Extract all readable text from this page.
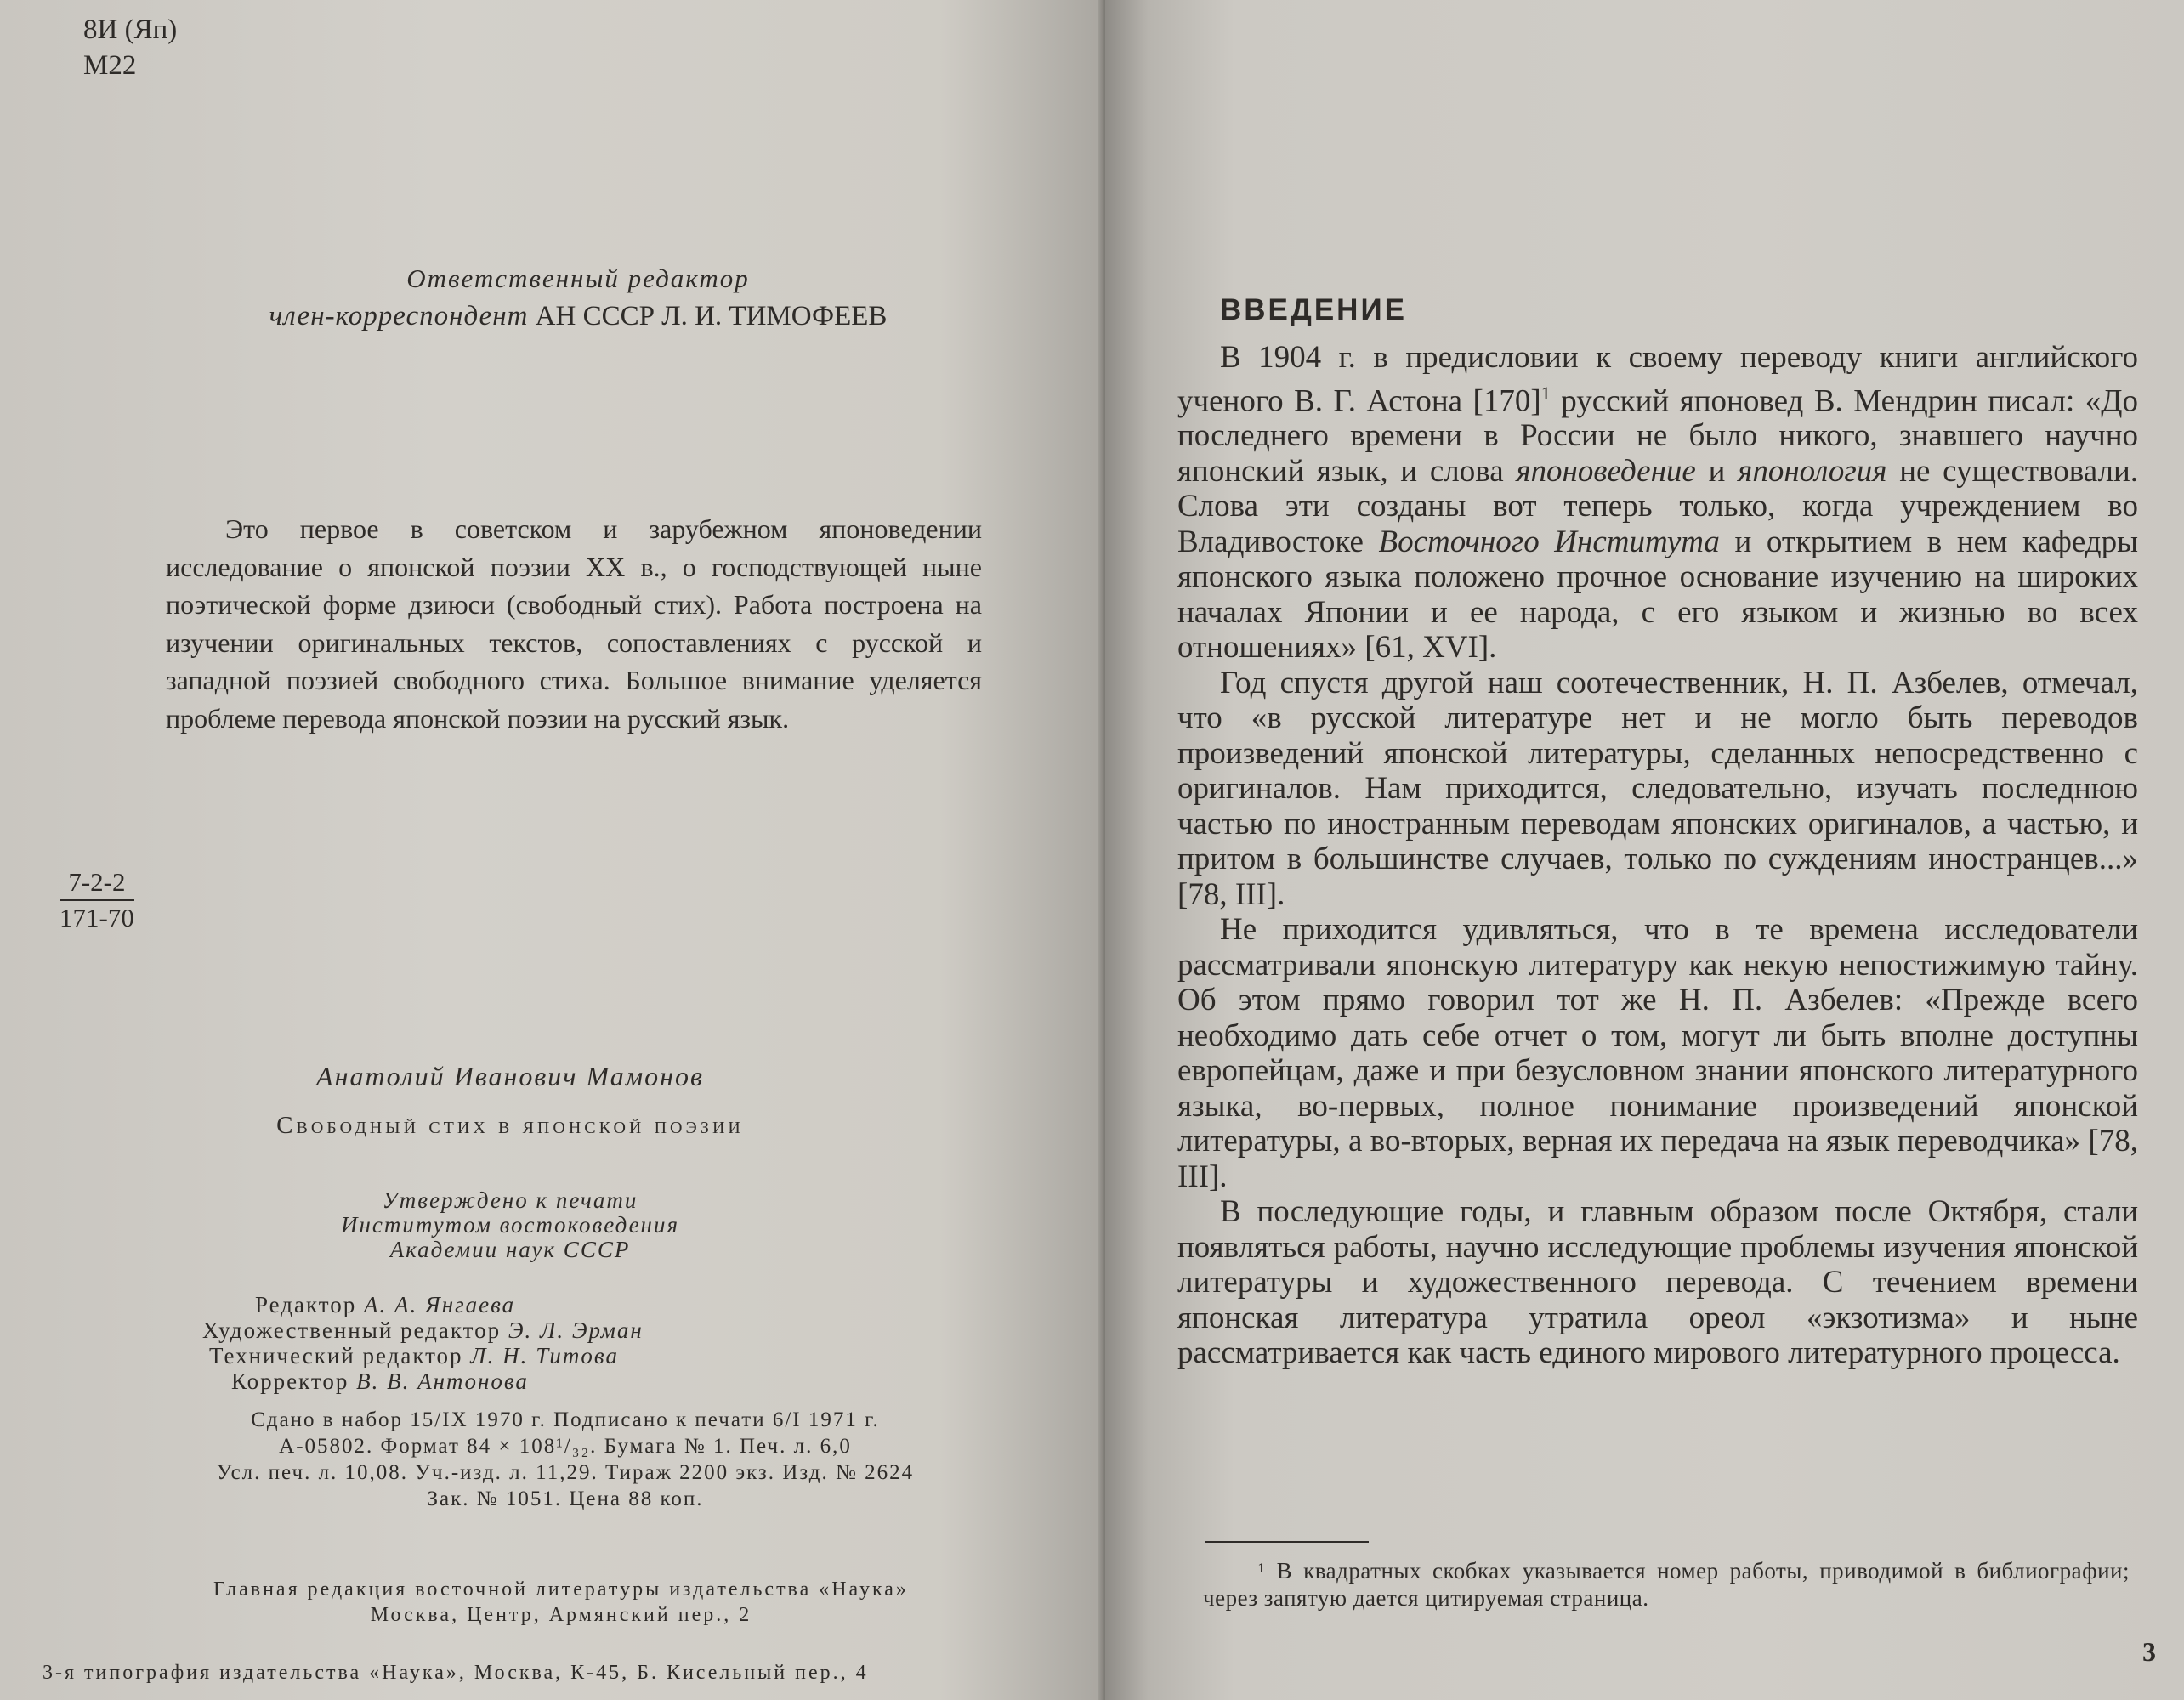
8И (Яп)
М22
Ответственный редактор
член-корреспондент АН СССР Л. И. ТИМОФЕЕВ

Это первое в советском и зарубежном японоведении исследование о японской поэзии XX в., о господствующей ныне поэтической форме дзиюси (свободный стих). Работа построена на изучении оригинальных текстов, сопоставлениях с русской и западной поэзией свободного стиха. Большое внимание уделяется проблеме перевода японской поэзии на русский язык.

$\frac{7-2-2}{171-70}$
Анатолий Иванович Мамонов
Свободный стих в японской поэзии
Утверждено к печати
Институтом востоковедения
Академии наук СССР
Редактор А. А. Янгаева
Художественный редактор Э. Л. Эрман
Технический редактор Л. Н. Титова
Корректор В. В. Антонова
Сдано в набор 15/IX 1970 г. Подписано к печати 6/I 1971 г.
А-05802. Формат 84 × 108¹/₃₂. Бумага № 1. Печ. л. 6,0
Усл. печ. л. 10,08. Уч.-изд. л. 11,29. Тираж 2200 экз. Изд. № 2624
Зак. № 1051. Цена 88 коп.
Главная редакция восточной литературы издательства «Наука»
Москва, Центр, Армянский пер., 2
3-я типография издательства «Наука», Москва, К-45, Б. Кисельный пер., 4
ВВЕДЕНИЕ

В 1904 г. в предисловии к своему переводу книги английского ученого В. Г. Астона $[170]^1$ русский японовед В. Мендрин писал: «До последнего времени в России не было никого, знавшего научно японский язык, и слова японоведение и японология не существовали. Слова эти созданы вот теперь только, когда учреждением во Владивостоке Восточного Института и открытием в нем кафедры японского языка положено прочное основание изучению на широких началах Японии и ее народа, с его языком и жизнью во всех отношениях» [61, XVI].

Год спустя другой наш соотечественник, Н. П. Азбелев, отмечал, что «в русской литературе нет и не могло быть переводов произведений японской литературы, сделанных непосредственно с оригиналов. Нам приходится, следовательно, изучать последнюю частью по иностранным переводам японских оригиналов, а частью, и притом в большинстве случаев, только по суждениям иностранцев...» [78, III].

Не приходится удивляться, что в те времена исследователи рассматривали японскую литературу как некую непостижимую тайну. Об этом прямо говорил тот же Н. П. Азбелев: «Прежде всего необходимо дать себе отчет о том, могут ли быть вполне доступны европейцам, даже и при безусловном знании японского литературного языка, во-первых, полное понимание произведений японской литературы, а во-вторых, верная их передача на язык переводчика» [78, III].

В последующие годы, и главным образом после Октября, стали появляться работы, научно исследующие проблемы изучения японской литературы и художественного перевода. С течением времени японская литература утратила ореол «экзотизма» и ныне рассматривается как часть единого мирового литературного процесса.

¹ В квадратных скобках указывается номер работы, приводимой в библиографии; через запятую дается цитируемая страница.

3
